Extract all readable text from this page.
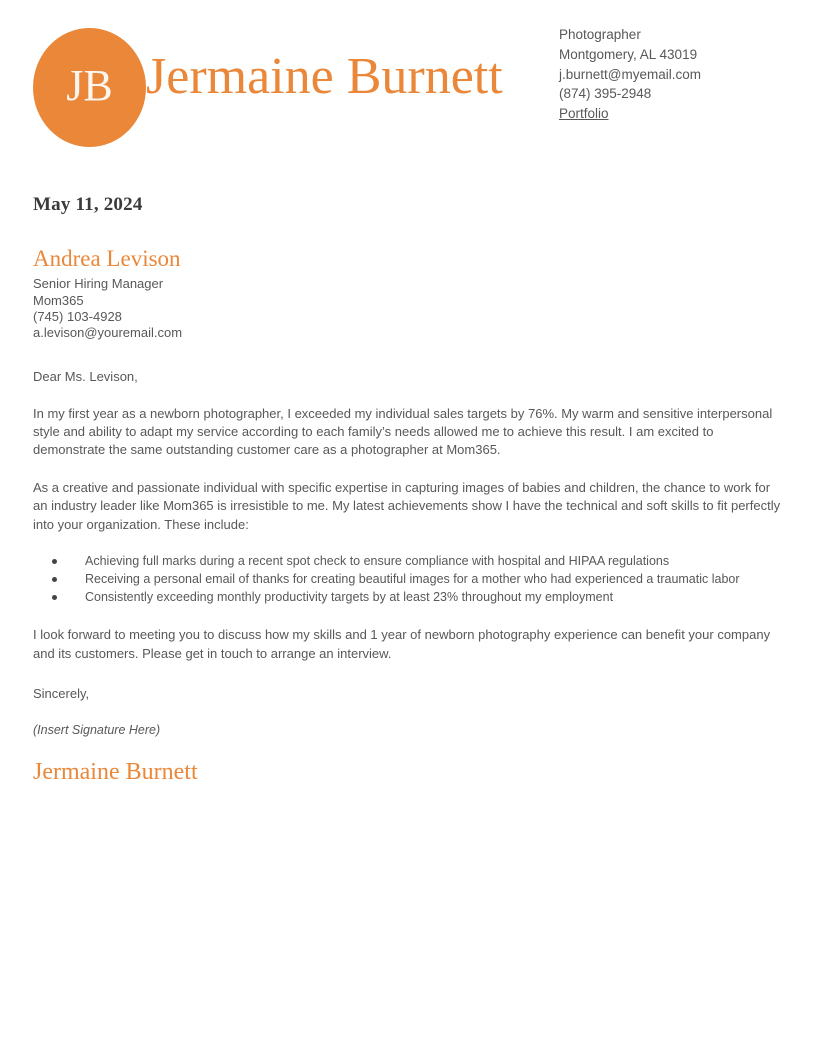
JB Jermaine Burnett
Photographer
Montgomery, AL 43019
j.burnett@myemail.com
(874) 395-2948
Portfolio
May 11, 2024
Andrea Levison
Senior Hiring Manager
Mom365
(745) 103-4928
a.levison@youremail.com
Dear Ms. Levison,
In my first year as a newborn photographer, I exceeded my individual sales targets by 76%. My warm and sensitive interpersonal style and ability to adapt my service according to each family’s needs allowed me to achieve this result. I am excited to demonstrate the same outstanding customer care as a photographer at Mom365.
As a creative and passionate individual with specific expertise in capturing images of babies and children, the chance to work for an industry leader like Mom365 is irresistible to me. My latest achievements show I have the technical and soft skills to fit perfectly into your organization. These include:
Achieving full marks during a recent spot check to ensure compliance with hospital and HIPAA regulations
Receiving a personal email of thanks for creating beautiful images for a mother who had experienced a traumatic labor
Consistently exceeding monthly productivity targets by at least 23% throughout my employment
I look forward to meeting you to discuss how my skills and 1 year of newborn photography experience can benefit your company and its customers. Please get in touch to arrange an interview.
Sincerely,
(Insert Signature Here)
Jermaine Burnett
